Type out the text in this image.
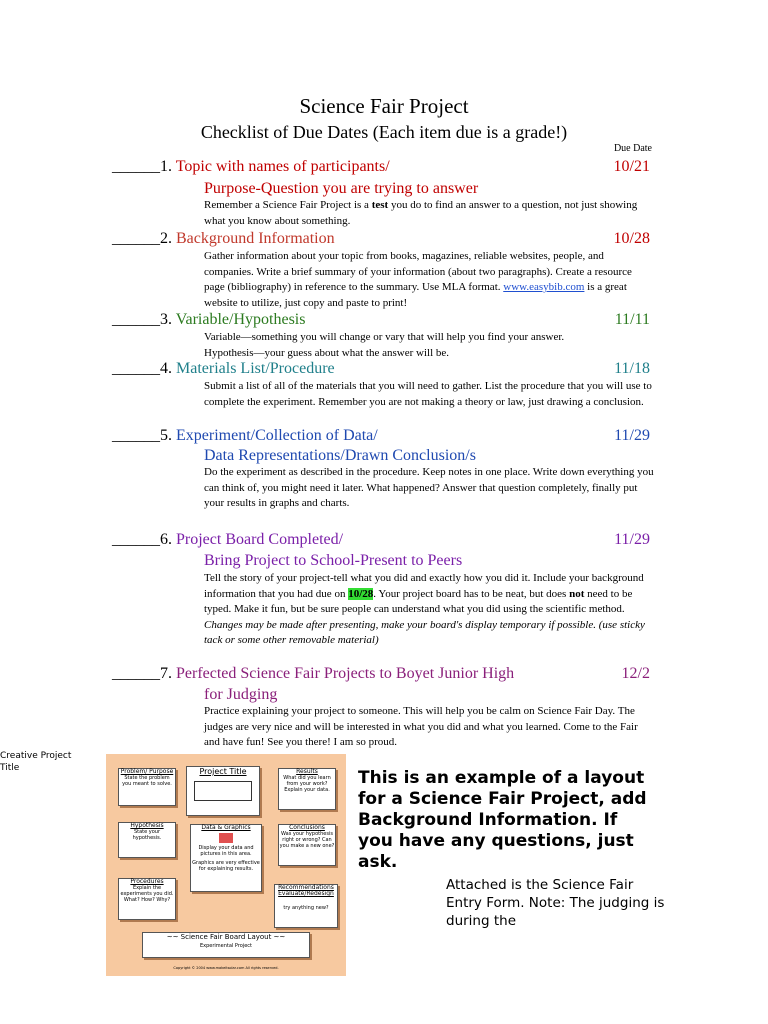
Science Fair Project
Checklist of Due Dates (Each item due is a grade!)
Due Date
______1. Topic with names of participants/	10/21
Purpose-Question you are trying to answer
Remember a Science Fair Project is a test you do to find an answer to a question, not just showing what you know about something.
______2. Background Information	10/28
Gather information about your topic from books, magazines, reliable websites, people, and companies. Write a brief summary of your information (about two paragraphs). Create a resource page (bibliography) in reference to the summary. Use MLA format. www.easybib.com is a great website to utilize, just copy and paste to print!
______3. Variable/Hypothesis	11/11
Variable—something you will change or vary that will help you find your answer.
Hypothesis—your guess about what the answer will be.
______4. Materials List/Procedure	11/18
Submit a list of all of the materials that you will need to gather. List the procedure that you will use to complete the experiment. Remember you are not making a theory or law, just drawing a conclusion.
______5. Experiment/Collection of Data/	11/29
Data Representations/Drawn Conclusion/s
Do the experiment as described in the procedure. Keep notes in one place. Write down everything you can think of, you might need it later. What happened? Answer that question completely, finally put your results in graphs and charts.
______6. Project Board Completed/	11/29
Bring Project to School-Present to Peers
Tell the story of your project-tell what you did and exactly how you did it. Include your background information that you had due on 10/28. Your project board has to be neat, but does not need to be typed. Make it fun, but be sure people can understand what you did using the scientific method. Changes may be made after presenting, make your board's display temporary if possible. (use sticky tack or some other removable material)
______7. Perfected Science Fair Projects to Boyet Junior High	12/2
for Judging
Practice explaining your project to someone. This will help you be calm on Science Fair Day. The judges are very nice and will be interested in what you did and what you learned. Come to the Fair and have fun! See you there! I am so proud.
Creative Project Title	Problem/ Purpose
State the problem you meant to solve.
Project Title	Results
What did you learn from your work? Explain your data.
Hypothesis
State your hypothesis.
Data & Graphics
Display your data and pictures in this area.
Graphics are very effective for explaining results.
Conclusions
Was your hypothesis right or wrong? Can you make a new one?
Procedures
Explain the experiments you did. What? How? Why?
Recommendations
Evaluate/Redesign
try anything new?
~~ Science Fair Board Layout ~~
Experimental Project
Copyright © 2004 www.makeitsolar.com All rights reserved.
This is an example of a layout for a Science Fair Project, add Background Information. If you have any questions, just ask.
Attached is the Science Fair Entry Form. Note: The judging is during the
